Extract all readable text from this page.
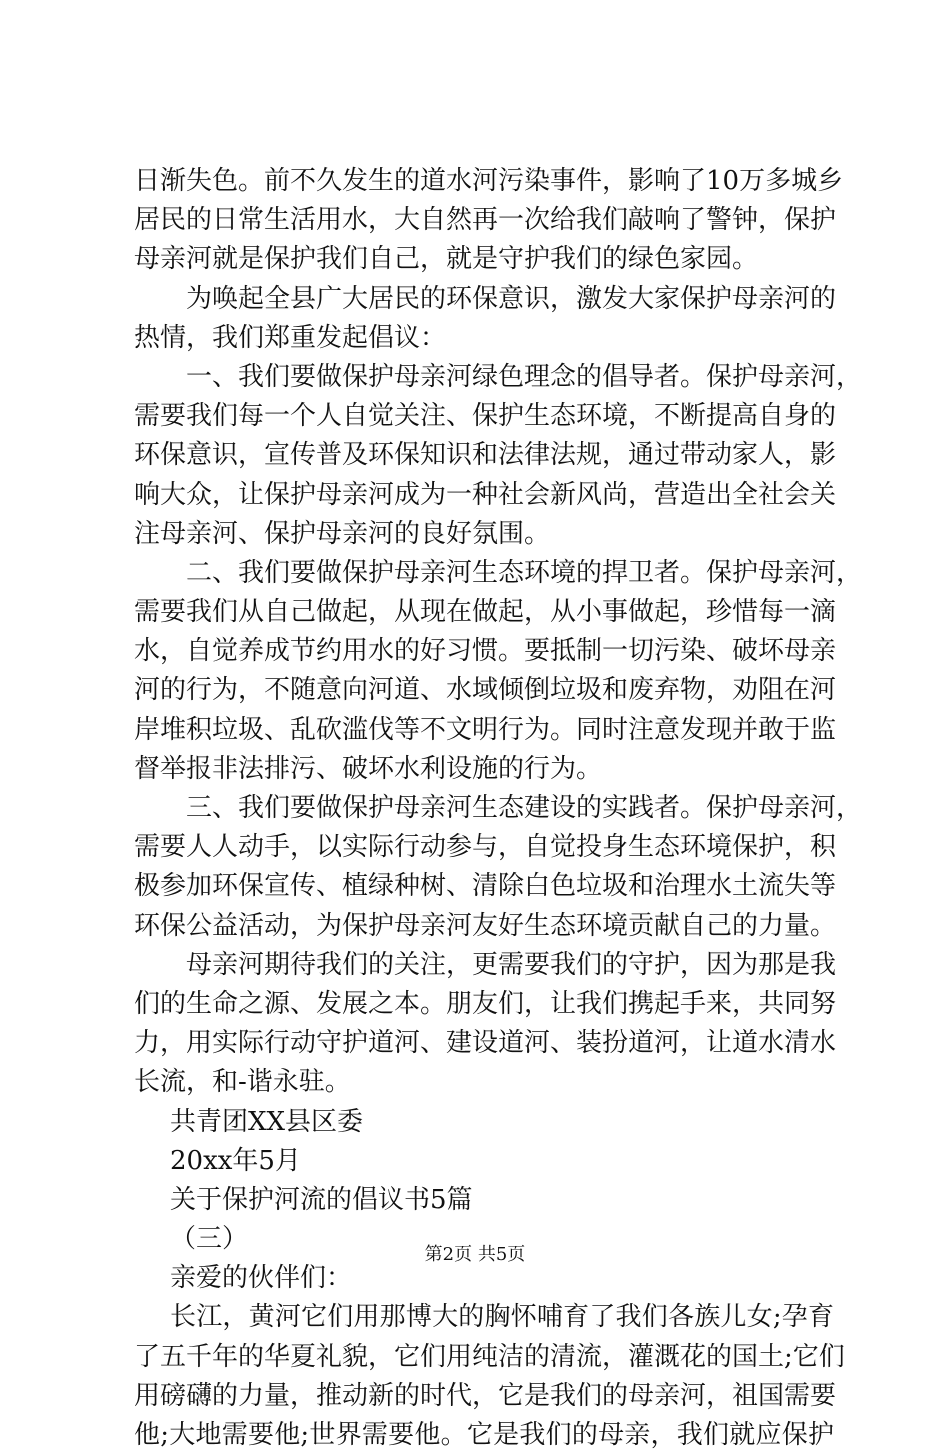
日渐失色。前不久发生的道水河污染事件，影响了10万多城乡
居民的日常生活用水，大自然再一次给我们敲响了警钟，保护
母亲河就是保护我们自己，就是守护我们的绿色家园。
为唤起全县广大居民的环保意识，激发大家保护母亲河的
热情，我们郑重发起倡议：
一、我们要做保护母亲河绿色理念的倡导者。保护母亲河，
需要我们每一个人自觉关注、保护生态环境，不断提高自身的
环保意识，宣传普及环保知识和法律法规，通过带动家人，影
响大众，让保护母亲河成为一种社会新风尚，营造出全社会关
注母亲河、保护母亲河的良好氛围。
二、我们要做保护母亲河生态环境的捍卫者。保护母亲河，
需要我们从自己做起，从现在做起，从小事做起，珍惜每一滴
水，自觉养成节约用水的好习惯。要抵制一切污染、破坏母亲
河的行为，不随意向河道、水域倾倒垃圾和废弃物，劝阻在河
岸堆积垃圾、乱砍滥伐等不文明行为。同时注意发现并敢于监
督举报非法排污、破坏水利设施的行为。
三、我们要做保护母亲河生态建设的实践者。保护母亲河，
需要人人动手，以实际行动参与，自觉投身生态环境保护，积
极参加环保宣传、植绿种树、清除白色垃圾和治理水土流失等
环保公益活动，为保护母亲河友好生态环境贡献自己的力量。
母亲河期待我们的关注，更需要我们的守护，因为那是我
们的生命之源、发展之本。朋友们，让我们携起手来，共同努
力，用实际行动守护道河、建设道河、装扮道河，让道水清水
长流，和-谐永驻。
共青团XX县区委
20xx年5月
关于保护河流的倡议书5篇
（三）
亲爱的伙伴们：
长江，黄河它们用那博大的胸怀哺育了我们各族儿女;孕育
了五千年的华夏礼貌，它们用纯洁的清流，灌溉花的国土;它们
用磅礴的力量，推动新的时代，它是我们的母亲河，祖国需要
他;大地需要他;世界需要他。它是我们的母亲，我们就应保护
第2页 共5页
